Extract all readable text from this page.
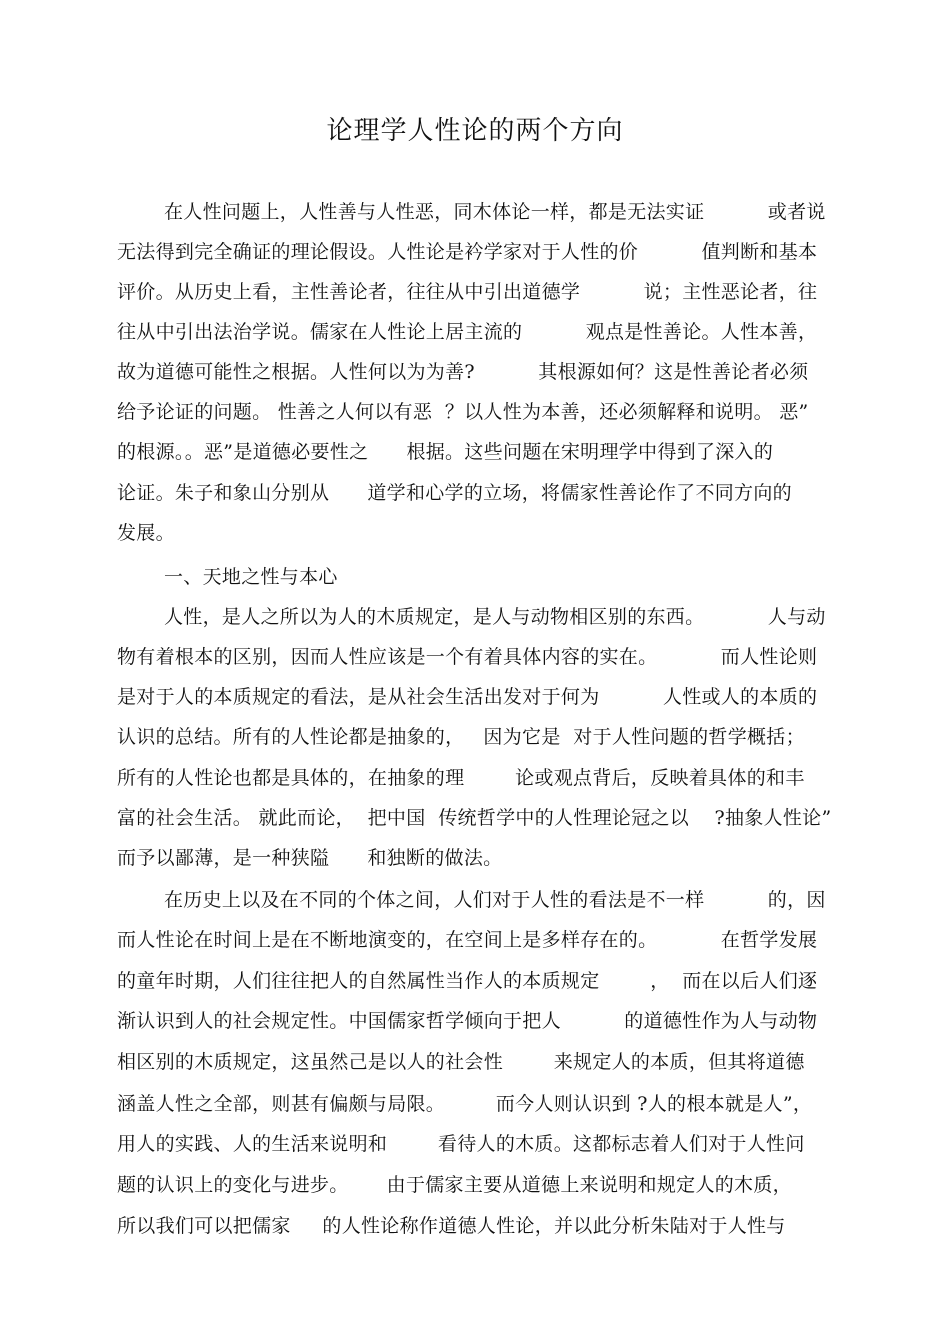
论理学人性论的两个方向
在人性问题上，人性善与人性恶，同木体论一样，都是无法实证          或者说
无法得到完全确证的理论假设。人性论是衿学家对于人性的价          值判断和基本
评价。从历史上看，主性善论者，往往从中引出道德学          说；主性恶论者，往
往从中引出法治学说。儒家在人性论上居主流的          观点是性善论。人性本善，
故为道德可能性之根据。人性何以为为善?          其根源如何？这是性善论者必须
给予论证的问题。 性善之人何以有恶  ？以人性为本善，还必须解释和说明。 恶”
的根源。。恶”是道德必要性之      根据。这些问题在宋明理学中得到了深入的
论证。朱子和象山分别从      道学和心学的立场，将儒家性善论作了不同方向的
发展。
一、天地之性与本心
人性，是人之所以为人的木质规定，是人与动物相区别的东西。          人与动
物有着根本的区别，因而人性应该是一个有着具体内容的实在。          而人性论则
是对于人的本质规定的看法，是从社会生活出发对于何为          人性或人的本质的
认识的总结。所有的人性论都是抽象的，   因为它是  对于人性问题的哲学概括；
所有的人性论也都是具体的，在抽象的理        论或观点背后，反映着具体的和丰
富的社会生活。 就此而论，  把中国  传统哲学中的人性理论冠之以    ?抽象人性论”
而予以鄙薄，是一种狭隘      和独断的做法。
在历史上以及在不同的个体之间，人们对于人性的看法是不一样          的，因
而人性论在时间上是在不断地演变的，在空间上是多样存在的。          在哲学发展
的童年时期，人们往往把人的自然属性当作人的本质规定        ，  而在以后人们逐
渐认识到人的社会规定性。中国儒家哲学倾向于把人          的道德性作为人与动物
相区别的木质规定，这虽然己是以人的社会性        来规定人的本质，但其将道德
涵盖人性之全部，则甚有偏颇与局限。        而今人则认识到 ?人的根本就是人”，
用人的实践、人的生活来说明和        看待人的木质。这都标志着人们对于人性问
题的认识上的变化与进步。      由于儒家主要从道德上来说明和规定人的木质，
所以我们可以把儒家     的人性论称作道德人性论，并以此分析朱陆对于人性与
